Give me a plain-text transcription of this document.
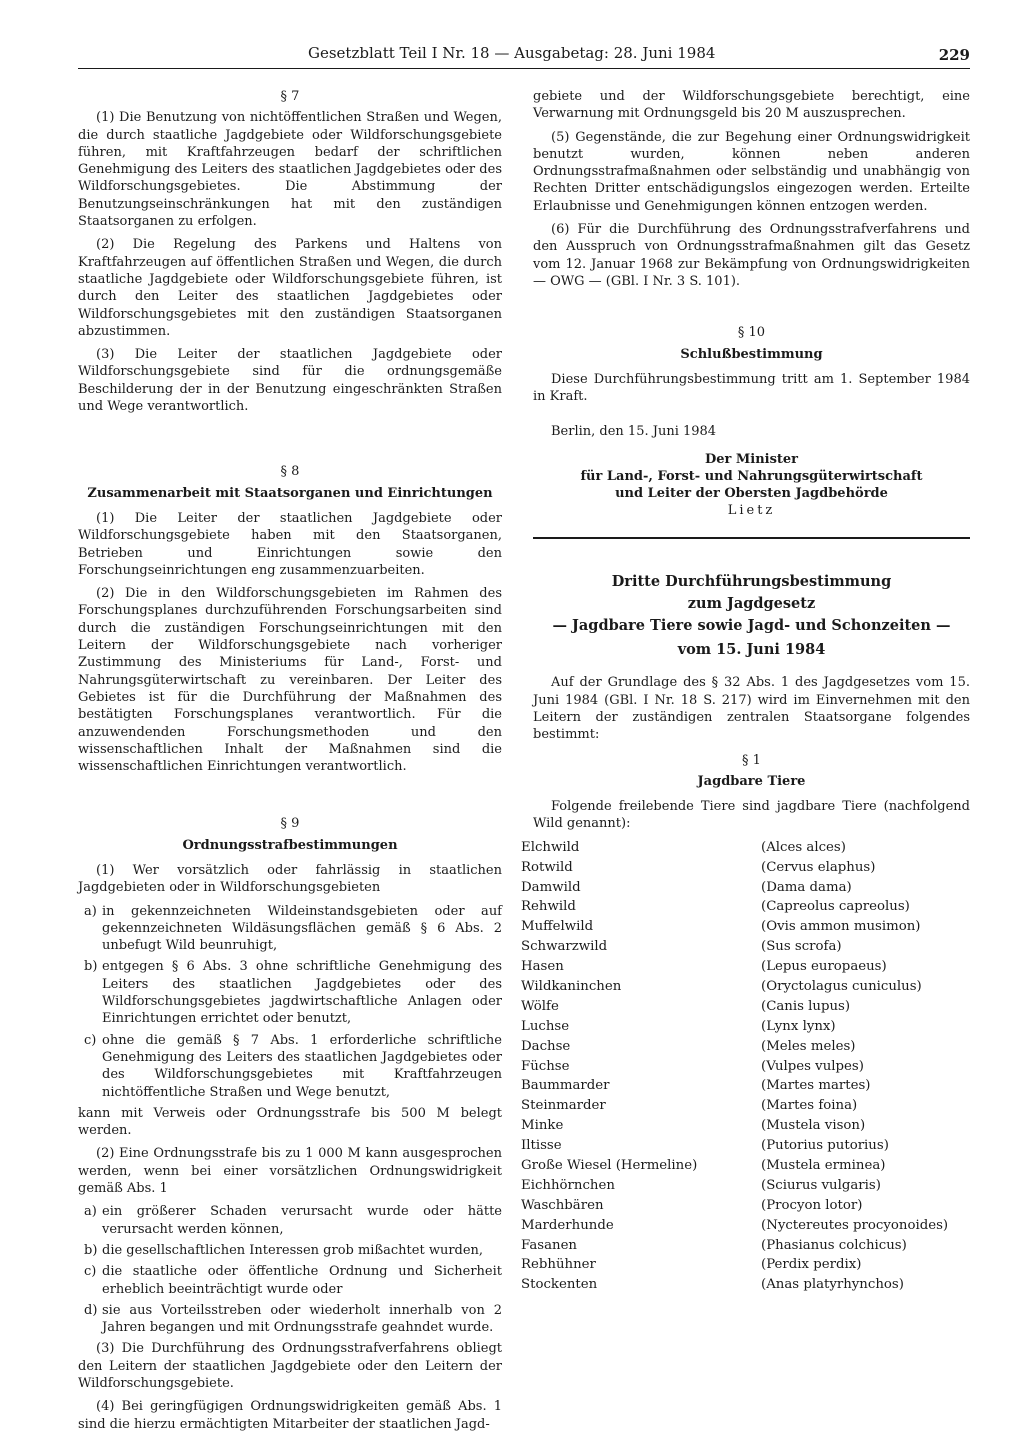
Gesetzblatt Teil I Nr. 18 — Ausgabetag: 28. Juni 1984	229
§ 7

(1) Die Benutzung von nichtöffentlichen Straßen und Wegen, die durch staatliche Jagdgebiete oder Wildforschungsgebiete führen, mit Kraftfahrzeugen bedarf der schriftlichen Genehmigung des Leiters des staatlichen Jagdgebietes oder des Wildforschungsgebietes. Die Abstimmung der Benutzungseinschränkungen hat mit den zuständigen Staatsorganen zu erfolgen.

(2) Die Regelung des Parkens und Haltens von Kraftfahrzeugen auf öffentlichen Straßen und Wegen, die durch staatliche Jagdgebiete oder Wildforschungsgebiete führen, ist durch den Leiter des staatlichen Jagdgebietes oder Wildforschungsgebietes mit den zuständigen Staatsorganen abzustimmen.

(3) Die Leiter der staatlichen Jagdgebiete oder Wildforschungsgebiete sind für die ordnungsgemäße Beschilderung der in der Benutzung eingeschränkten Straßen und Wege verantwortlich.

§ 8
Zusammenarbeit mit Staatsorganen und Einrichtungen

(1) Die Leiter der staatlichen Jagdgebiete oder Wildforschungsgebiete haben mit den Staatsorganen, Betrieben und Einrichtungen sowie den Forschungseinrichtungen eng zusammenzuarbeiten.

(2) Die in den Wildforschungsgebieten im Rahmen des Forschungsplanes durchzuführenden Forschungsarbeiten sind durch die zuständigen Forschungseinrichtungen mit den Leitern der Wildforschungsgebiete nach vorheriger Zustimmung des Ministeriums für Land-, Forst- und Nahrungsgüterwirtschaft zu vereinbaren. Der Leiter des Gebietes ist für die Durchführung der Maßnahmen des bestätigten Forschungsplanes verantwortlich. Für die anzuwendenden Forschungsmethoden und den wissenschaftlichen Inhalt der Maßnahmen sind die wissenschaftlichen Einrichtungen verantwortlich.

§ 9
Ordnungsstrafbestimmungen

(1) Wer vorsätzlich oder fahrlässig in staatlichen Jagdgebieten oder in Wildforschungsgebieten

a) in gekennzeichneten Wildeinstandsgebieten oder auf gekennzeichneten Wildäsungsflächen gemäß § 6 Abs. 2 unbefugt Wild beunruhigt,
b) entgegen § 6 Abs. 3 ohne schriftliche Genehmigung des Leiters des staatlichen Jagdgebietes oder des Wildforschungsgebietes jagdwirtschaftliche Anlagen oder Einrichtungen errichtet oder benutzt,
c) ohne die gemäß § 7 Abs. 1 erforderliche schriftliche Genehmigung des Leiters des staatlichen Jagdgebietes oder des Wildforschungsgebietes mit Kraftfahrzeugen nichtöffentliche Straßen und Wege benutzt,

kann mit Verweis oder Ordnungsstrafe bis 500 M belegt werden.

(2) Eine Ordnungsstrafe bis zu 1 000 M kann ausgesprochen werden, wenn bei einer vorsätzlichen Ordnungswidrigkeit gemäß Abs. 1

a) ein größerer Schaden verursacht wurde oder hätte verursacht werden können,
b) die gesellschaftlichen Interessen grob mißachtet wurden,
c) die staatliche oder öffentliche Ordnung und Sicherheit erheblich beeinträchtigt wurde oder
d) sie aus Vorteilsstreben oder wiederholt innerhalb von 2 Jahren begangen und mit Ordnungsstrafe geahndet wurde.

(3) Die Durchführung des Ordnungsstrafverfahrens obliegt den Leitern der staatlichen Jagdgebiete oder den Leitern der Wildforschungsgebiete.

(4) Bei geringfügigen Ordnungswidrigkeiten gemäß Abs. 1 sind die hierzu ermächtigten Mitarbeiter der staatlichen Jagd-

gebiete und der Wildforschungsgebiete berechtigt, eine Verwarnung mit Ordnungsgeld bis 20 M auszusprechen.

(5) Gegenstände, die zur Begehung einer Ordnungswidrigkeit benutzt wurden, können neben anderen Ordnungsstrafmaßnahmen oder selbständig und unabhängig von Rechten Dritter entschädigungslos eingezogen werden. Erteilte Erlaubnisse und Genehmigungen können entzogen werden.

(6) Für die Durchführung des Ordnungsstrafverfahrens und den Ausspruch von Ordnungsstrafmaßnahmen gilt das Gesetz vom 12. Januar 1968 zur Bekämpfung von Ordnungswidrigkeiten — OWG — (GBl. I Nr. 3 S. 101).

§ 10
Schlußbestimmung

Diese Durchführungsbestimmung tritt am 1. September 1984 in Kraft.

Berlin, den 15. Juni 1984

Der Minister
für Land-, Forst- und Nahrungsgüterwirtschaft
und Leiter der Obersten Jagdbehörde
Lietz
Dritte Durchführungsbestimmung
zum Jagdgesetz
— Jagdbare Tiere sowie Jagd- und Schonzeiten —
vom 15. Juni 1984

Auf der Grundlage des § 32 Abs. 1 des Jagdgesetzes vom 15. Juni 1984 (GBl. I Nr. 18 S. 217) wird im Einvernehmen mit den Leitern der zuständigen zentralen Staatsorgane folgendes bestimmt:

§ 1
Jagdbare Tiere

Folgende freilebende Tiere sind jagdbare Tiere (nachfolgend Wild genannt):

Elchwild	(Alces alces)
Rotwild	(Cervus elaphus)
Damwild	(Dama dama)
Rehwild	(Capreolus capreolus)
Muffelwild	(Ovis ammon musimon)
Schwarzwild	(Sus scrofa)
Hasen	(Lepus europaeus)
Wildkaninchen	(Oryctolagus cuniculus)
Wölfe	(Canis lupus)
Luchse	(Lynx lynx)
Dachse	(Meles meles)
Füchse	(Vulpes vulpes)
Baummarder	(Martes martes)
Steinmarder	(Martes foina)
Minke	(Mustela vison)
Iltisse	(Putorius putorius)
Große Wiesel (Hermeline)	(Mustela erminea)
Eichhörnchen	(Sciurus vulgaris)
Waschbären	(Procyon lotor)
Marderhunde	(Nyctereutes procyonoides)
Fasanen	(Phasianus colchicus)
Rebhühner	(Perdix perdix)
Stockenten	(Anas platyrhynchos)
